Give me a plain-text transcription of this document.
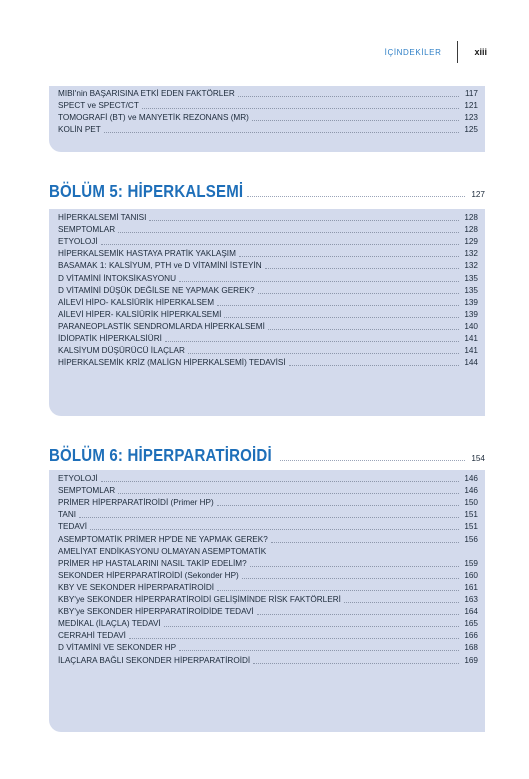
İÇİNDEKİLER	xiii
MIBI'nin BAŞARISINA ETKİ EDEN FAKTÖRLER	117
SPECT ve SPECT/CT	121
TOMOGRAFİ (BT) ve MANYETİK REZONANS (MR)	123
KOLİN PET	125
BÖLÜM 5: HİPERKALSEMİ	127
HİPERKALSEMİ TANISI	128
SEMPTOMLAR	128
ETYOLOJİ	129
HİPERKALSEMİK HASTAYA PRATİK YAKLAŞIM	132
BASAMAK 1: KALSİYUM, PTH ve D VİTAMİNİ İSTEYİN	132
D VİTAMİNİ İNTOKSİKASYONU	135
D VİTAMİNİ DÜŞÜK DEĞİLSE NE YAPMAK GEREK?	135
AİLEVİ HİPO- KALSİÜRİK HİPERKALSEM	139
AİLEVİ HİPER- KALSİÜRİK HİPERKALSEMİ	139
PARANEOPLASTİK SENDROMLARDA HİPERKALSEMİ	140
İDİOPATİK HİPERKALSİÜRİ	141
KALSİYUM DÜŞÜRÜCÜ İLAÇLAR	141
HİPERKALSEMİK KRİZ (MALİGN HİPERKALSEMİ) TEDAVİSİ	144
BÖLÜM 6: HİPERPARATİROİDİ	154
ETYOLOJİ	146
SEMPTOMLAR	146
PRİMER HİPERPARATİROİDİ (Primer HP)	150
TANI	151
TEDAVİ	151
ASEMPTOMATİK PRİMER HP'DE NE YAPMAK GEREK?	156
AMELİYAT ENDİKASYONU OLMAYAN ASEMPTOMATİK
PRİMER HP HASTALARINI NASIL TAKİP EDELİM?	159
SEKONDER HİPERPARATİROİDİ (Sekonder HP)	160
KBY VE SEKONDER HİPERPARATİROİDİ	161
KBY'ye SEKONDER HİPERPARATİROİDİ GELİŞİMİNDE RİSK FAKTÖRLERİ	163
KBY'ye SEKONDER HİPERPARATİROİDİDE TEDAVİ	164
MEDİKAL (İLAÇLA) TEDAVİ	165
CERRAHİ TEDAVİ	166
D VİTAMİNİ VE SEKONDER HP	168
İLAÇLARA BAĞLI SEKONDER HİPERPARATİROİDİ	169
